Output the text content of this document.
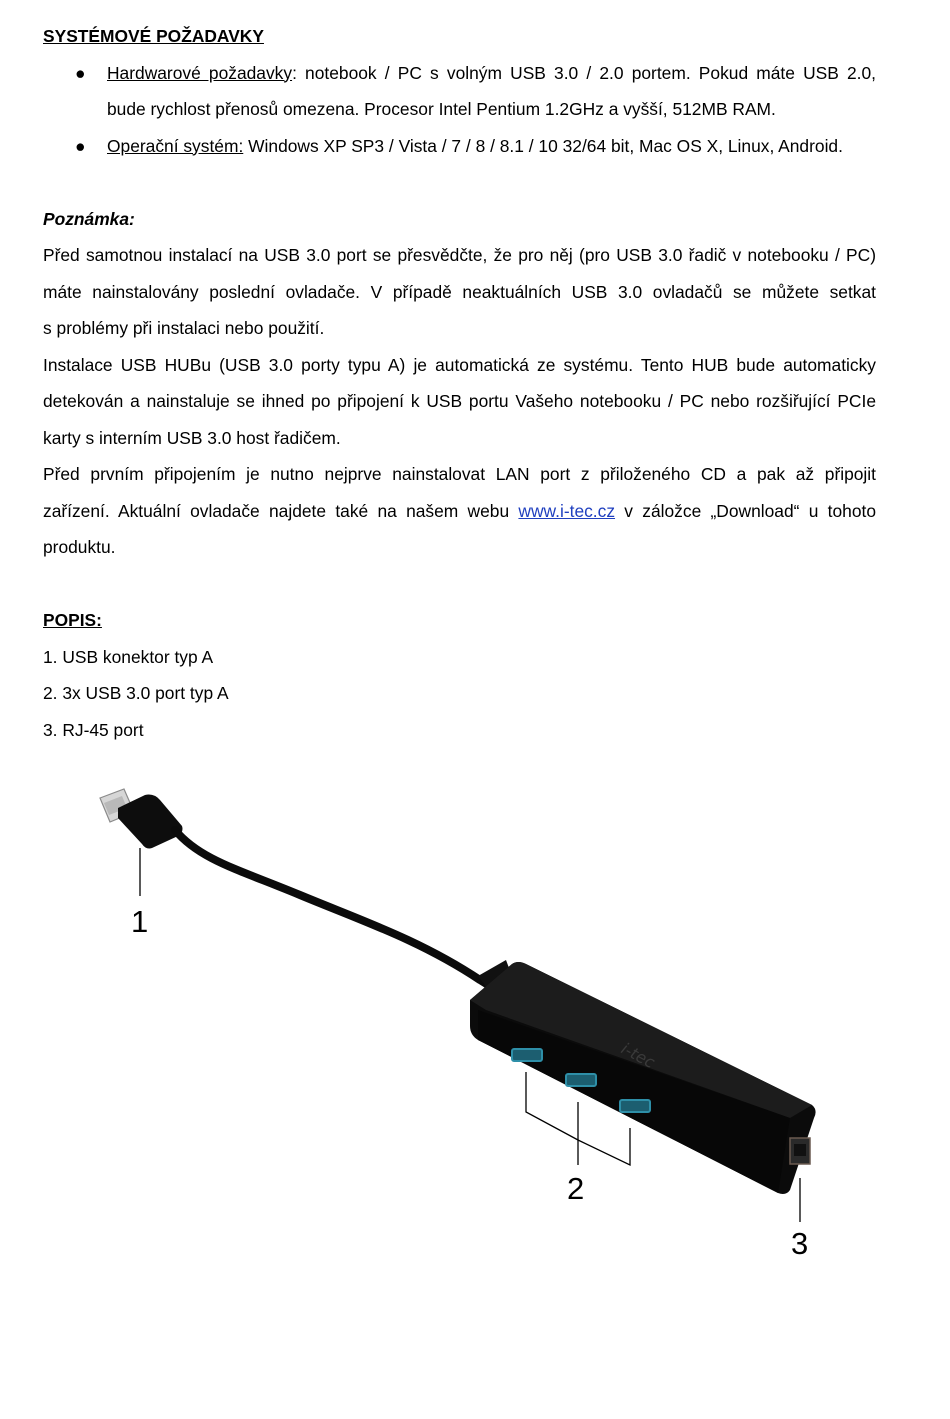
SYSTÉMOVÉ POŽADAVKY
● Hardwarové požadavky: notebook / PC s volným USB 3.0 / 2.0 portem. Pokud máte USB 2.0,
bude rychlost přenosů omezena. Procesor Intel Pentium 1.2GHz a vyšší, 512MB RAM.
● Operační systém: Windows XP SP3 / Vista / 7 / 8 / 8.1 / 10 32/64 bit, Mac OS X, Linux, Android.
Poznámka:
Před samotnou instalací na USB 3.0 port se přesvědčte, že pro něj (pro USB 3.0 řadič v notebooku / PC)
máte nainstalovány poslední ovladače. V případě neaktuálních USB 3.0 ovladačů se můžete setkat
s problémy při instalaci nebo použití.
Instalace USB HUBu (USB 3.0 porty typu A) je automatická ze systému. Tento HUB bude automaticky
detekován a nainstaluje se ihned po připojení k USB portu Vašeho notebooku / PC nebo rozšiřující PCIe
karty s interním USB 3.0 host řadičem.
Před prvním připojením je nutno nejprve nainstalovat LAN port z přiloženého CD a pak až připojit
zařízení. Aktuální ovladače najdete také na našem webu www.i-tec.cz v záložce „Download“ u tohoto
produktu.
POPIS:
1. USB konektor typ A
2. 3x USB 3.0 port typ A
3. RJ-45 port
i-tec
1
2
3
